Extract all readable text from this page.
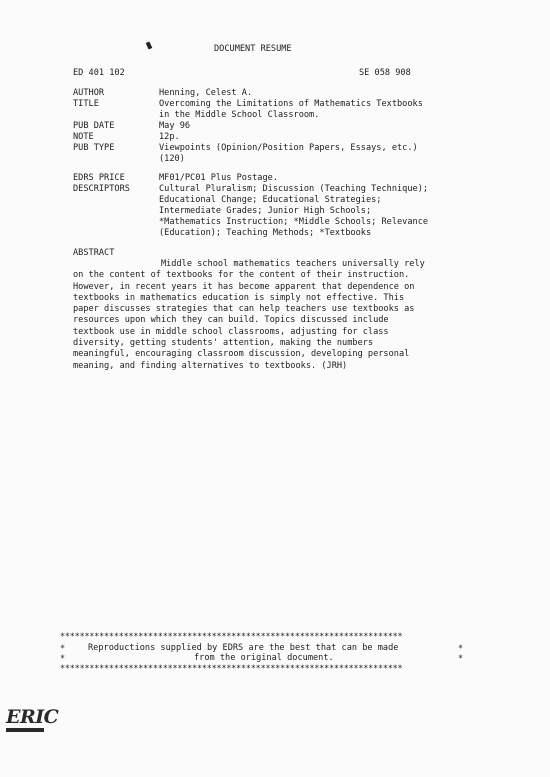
DOCUMENT RESUME
ED 401 102	SE 058 908
AUTHOR	Henning, Celest A.
TITLE	Overcoming the Limitations of Mathematics Textbooks
in the Middle School Classroom.
PUB DATE	May 96
NOTE	12p.
PUB TYPE	Viewpoints (Opinion/Position Papers, Essays, etc.)
(120)
EDRS PRICE	MF01/PC01 Plus Postage.
DESCRIPTORS	Cultural Pluralism; Discussion (Teaching Technique);
Educational Change; Educational Strategies;
Intermediate Grades; Junior High Schools;
*Mathematics Instruction; *Middle Schools; Relevance
(Education); Teaching Methods; *Textbooks
ABSTRACT
Middle school mathematics teachers universally rely
on the content of textbooks for the content of their instruction.
However, in recent years it has become apparent that dependence on
textbooks in mathematics education is simply not effective. This
paper discusses strategies that can help teachers use textbooks as
resources upon which they can build. Topics discussed include
textbook use in middle school classrooms, adjusting for class
diversity, getting students' attention, making the numbers
meaningful, encouraging classroom discussion, developing personal
meaning, and finding alternatives to textbooks. (JRH)
**********************************************************************
*	Reproductions supplied by EDRS are the best that can be made	*
*	from the original document.	*
**********************************************************************
ERIC
